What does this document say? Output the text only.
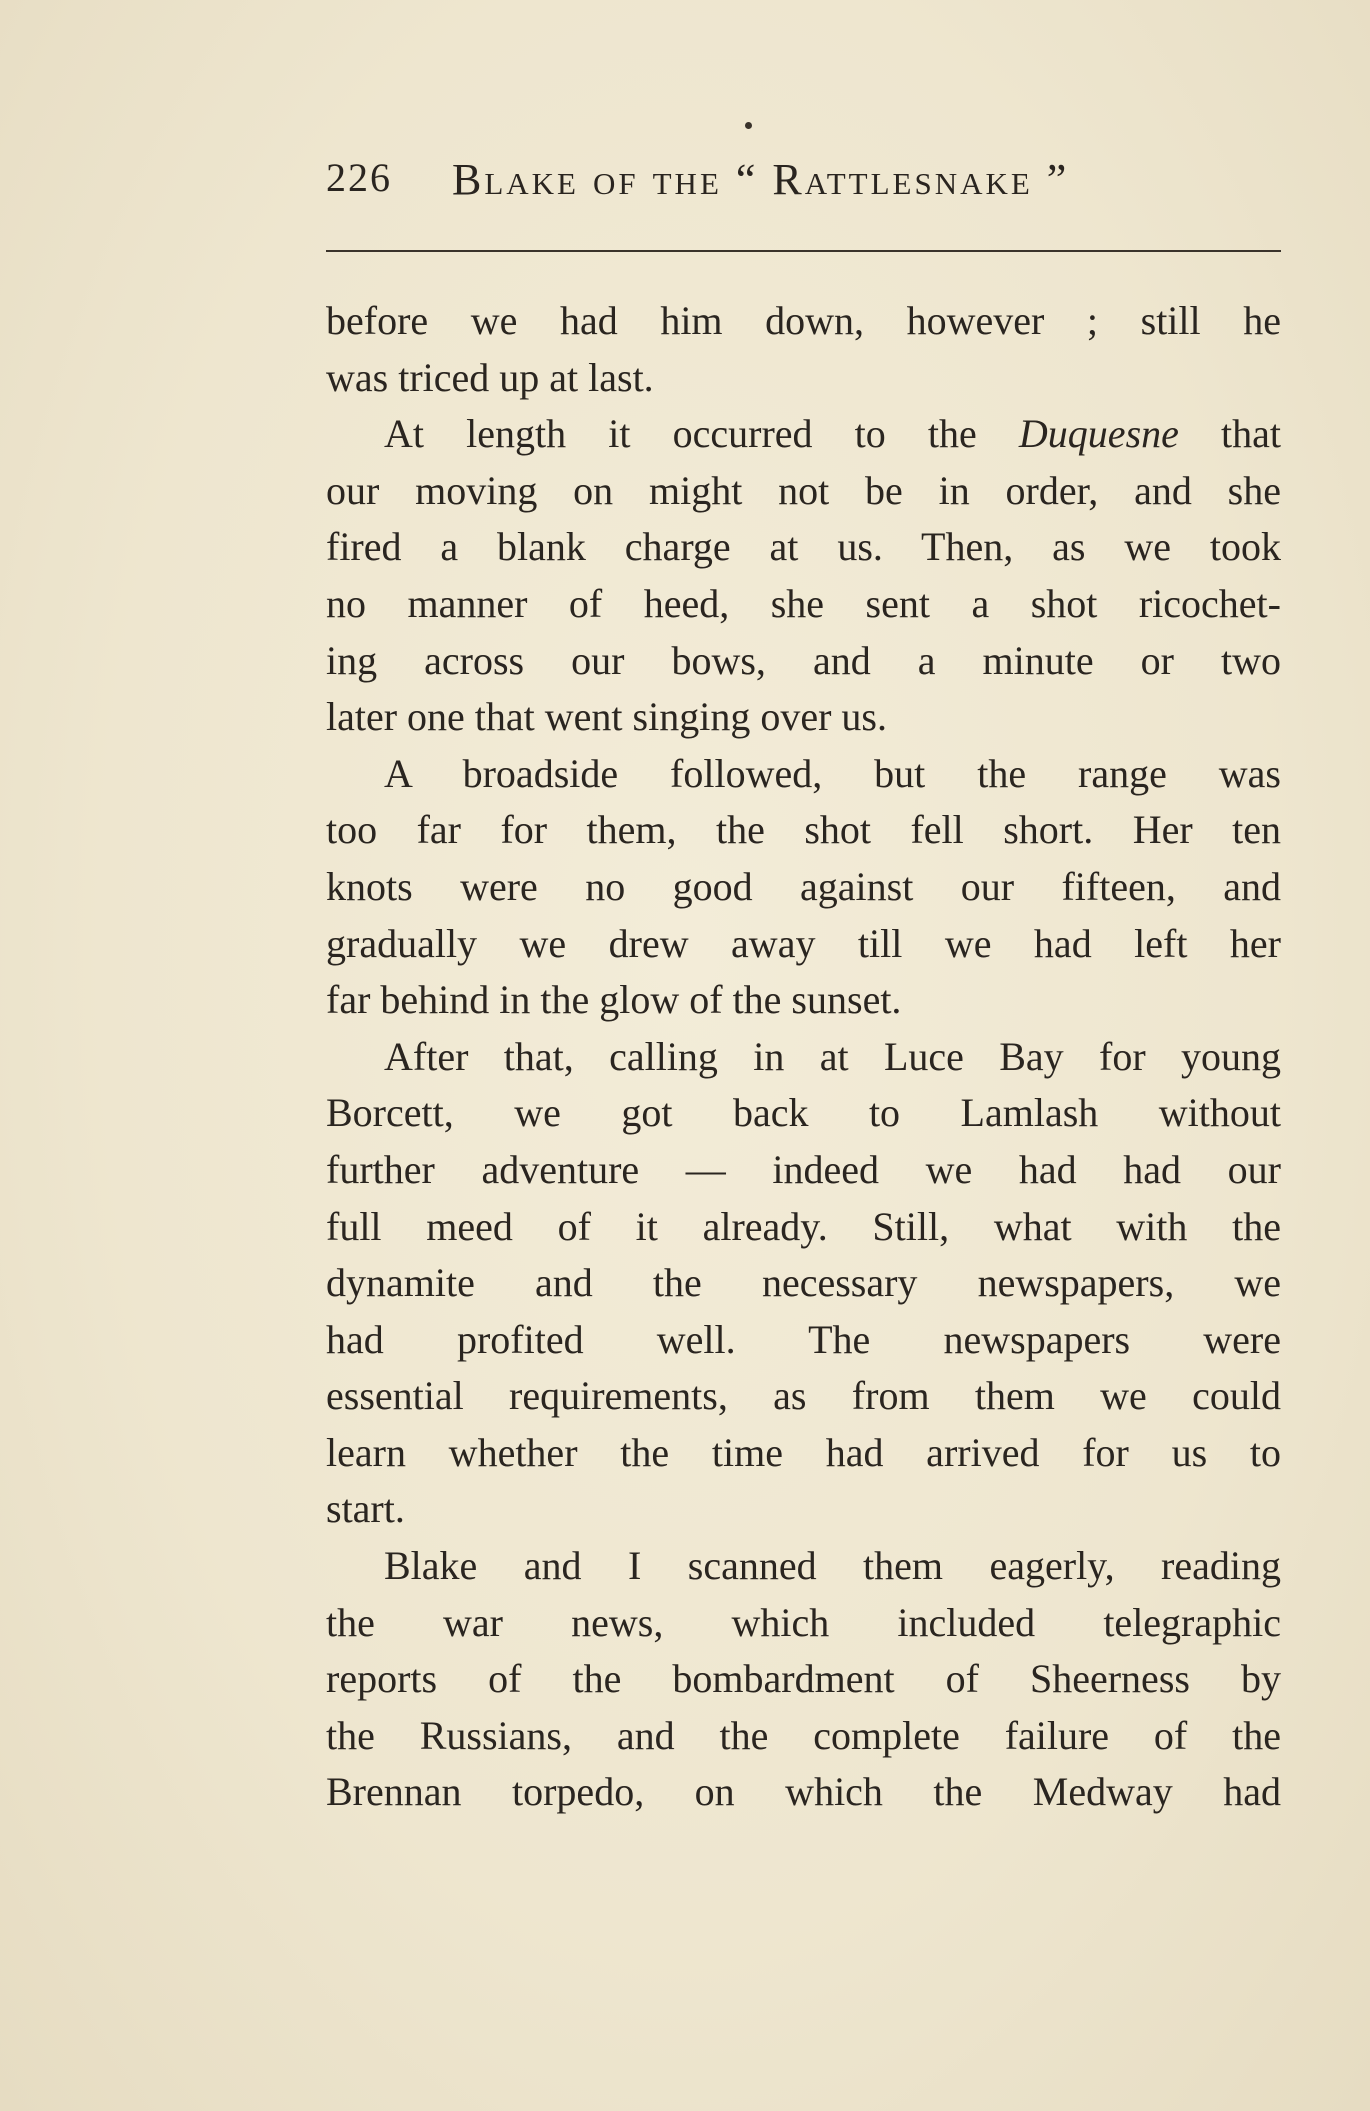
226 Blake of the “ Rattlesnake ”
before we had him down, however ; still he
was triced up at last.
At length it occurred to the Duquesne that
our moving on might not be in order, and she
fired a blank charge at us. Then, as we took
no manner of heed, she sent a shot ricochet-
ing across our bows, and a minute or two
later one that went singing over us.
A broadside followed, but the range was
too far for them, the shot fell short. Her ten
knots were no good against our fifteen, and
gradually we drew away till we had left her
far behind in the glow of the sunset.
After that, calling in at Luce Bay for young
Borcett, we got back to Lamlash without
further adventure — indeed we had had our
full meed of it already. Still, what with the
dynamite and the necessary newspapers, we
had profited well. The newspapers were
essential requirements, as from them we could
learn whether the time had arrived for us to
start.
Blake and I scanned them eagerly, reading
the war news, which included telegraphic
reports of the bombardment of Sheerness by
the Russians, and the complete failure of the
Brennan torpedo, on which the Medway had
